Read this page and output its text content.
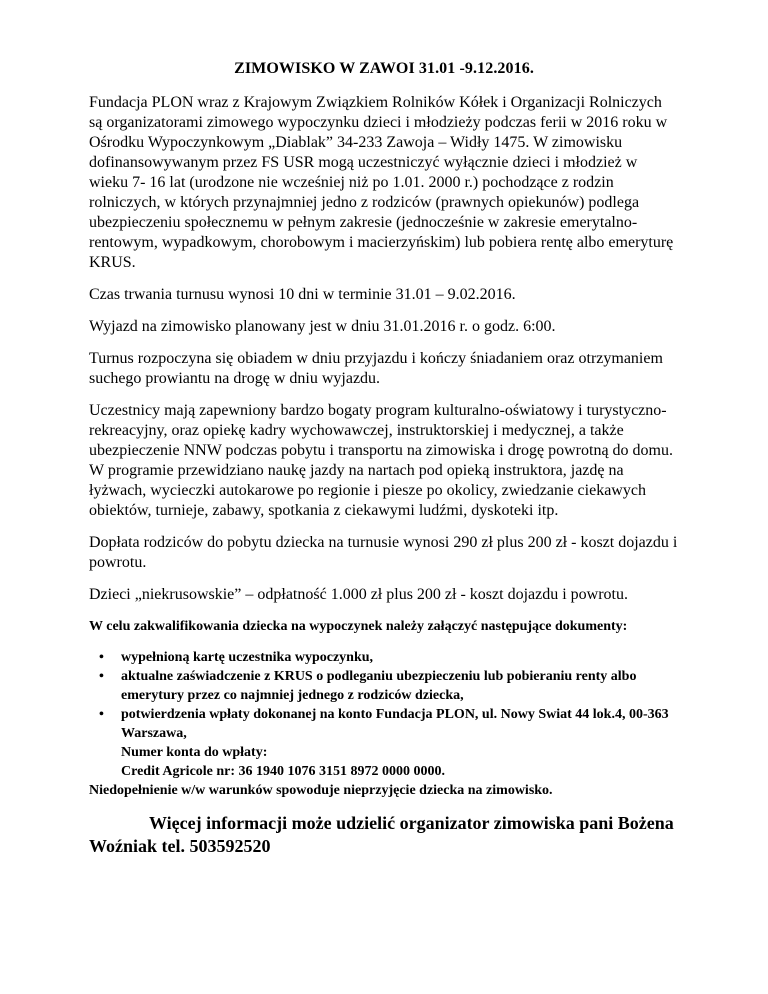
ZIMOWISKO W ZAWOI 31.01 -9.12.2016.

Fundacja PLON wraz z Krajowym Związkiem Rolników Kółek i Organizacji Rolniczych są organizatorami zimowego wypoczynku dzieci i młodzieży podczas ferii w 2016 roku w Ośrodku Wypoczynkowym „Diablak” 34-233 Zawoja – Widły 1475. W zimowisku dofinansowywanym przez FS USR mogą uczestniczyć wyłącznie dzieci i młodzież w wieku 7- 16 lat (urodzone nie wcześniej niż po 1.01. 2000 r.) pochodzące z rodzin rolniczych, w których przynajmniej jedno z rodziców (prawnych opiekunów) podlega ubezpieczeniu społecznemu w pełnym zakresie (jednocześnie w zakresie emerytalno-rentowym, wypadkowym, chorobowym i macierzyńskim) lub pobiera rentę albo emeryturę KRUS.

Czas trwania turnusu wynosi 10 dni w terminie 31.01 – 9.02.2016.

Wyjazd na zimowisko planowany jest w dniu 31.01.2016 r. o godz. 6:00.

Turnus rozpoczyna się obiadem w dniu przyjazdu i kończy śniadaniem oraz otrzymaniem suchego prowiantu na drogę w dniu wyjazdu.

Uczestnicy mają zapewniony bardzo bogaty program kulturalno-oświatowy i turystyczno-rekreacyjny, oraz opiekę kadry wychowawczej, instruktorskiej i medycznej, a także ubezpieczenie NNW podczas pobytu i transportu na zimowiska i drogę powrotną do domu. W programie przewidziano naukę jazdy na nartach pod opieką instruktora, jazdę na łyżwach, wycieczki autokarowe po regionie i piesze po okolicy, zwiedzanie ciekawych obiektów, turnieje, zabawy, spotkania z ciekawymi ludźmi, dyskoteki itp.

Dopłata rodziców do pobytu dziecka na turnusie wynosi 290 zł plus 200 zł - koszt dojazdu i powrotu.

Dzieci „niekrusowskie” – odpłatność 1.000 zł plus 200 zł - koszt dojazdu i powrotu.

W celu zakwalifikowania dziecka na wypoczynek należy załączyć następujące dokumenty:

• wypełnioną kartę uczestnika wypoczynku,
• aktualne zaświadczenie z KRUS o podleganiu ubezpieczeniu lub pobieraniu renty albo emerytury przez co najmniej jednego z rodziców dziecka,
• potwierdzenia wpłaty dokonanej na konto Fundacja PLON, ul. Nowy Swiat 44 lok.4, 00-363 Warszawa,
Numer konta do wpłaty:
Credit Agricole nr: 36 1940 1076 3151 8972 0000 0000.

Niedopełnienie w/w warunków spowoduje nieprzyjęcie dziecka na zimowisko.

Więcej informacji może udzielić organizator zimowiska pani Bożena Woźniak tel. 503592520
